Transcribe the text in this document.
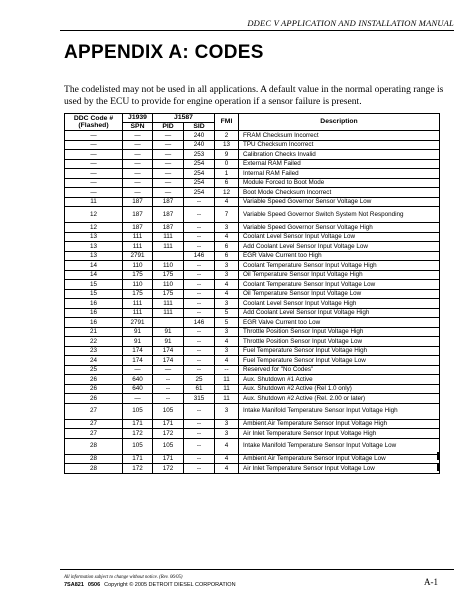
DDEC V APPLICATION AND INSTALLATION MANUAL
APPENDIX A: CODES

The codelisted may not be used in all applications. A default value in the normal operating range is used by the ECU to provide for engine operation if a sensor failure is present.

DDC Code #
(Flashed)	J1939	J1587		FMI	Description
	SPN	PID	SID		
—	—	—	240	2	FRAM Checksum Incorrect
—	—	—	240	13	TPU Checksum Incorrect
—	—	—	253	9	Calibration Checks Invalid
—	—	—	254	0	External RAM Failed
—	—	—	254	1	Internal RAM Failed
—	—	—	254	6	Module Forced to Boot Mode
—	—	—	254	12	Boot Mode Checksum Incorrect
11	187	187	--	4	Variable Speed Governor Sensor Voltage Low
12	187	187	--	7	Variable Speed Governor Switch System Not Responding
12	187	187	--	3	Variable Speed Governor Sensor Voltage High
13	111	111	--	4	Coolant Level Sensor Input Voltage Low
13	111	111	--	6	Add Coolant Level Sensor Input Voltage Low
13	2791		146	6	EGR Valve Current too High
14	110	110	--	3	Coolant Temperature Sensor Input Voltage High
14	175	175	--	3	Oil Temperature Sensor Input Voltage High
15	110	110	--	4	Coolant Temperature Sensor Input Voltage Low
15	175	175	--	4	Oil Temperature Sensor Input Voltage Low
16	111	111	--	3	Coolant Level Sensor Input Voltage High
16	111	111	--	5	Add Coolant Level Sensor Input Voltage High
16	2791		146	5	EGR Valve Current too Low
21	91	91	--	3	Throttle Position Sensor Input Voltage High
22	91	91	--	4	Throttle Position Sensor Input Voltage Low
23	174	174	--	3	Fuel Temperature Sensor Input Voltage High
24	174	174	--	4	Fuel Temperature Sensor Input Voltage Low
25	—	—	--	--	Reserved for "No Codes"
26	640	--	25	11	Aux. Shutdown #1 Active
26	640	--	61	11	Aux. Shutdown #2 Active (Rel 1.0 only)
26	—	--	315	11	Aux. Shutdown #2 Active (Rel. 2.00 or later)
27	105	105	--	3	Intake Manifold Temperature Sensor Input Voltage High
27	171	171	--	3	Ambient Air Temperature Sensor Input Voltage High
27	172	172	--	3	Air Inlet Temperature Sensor Input Voltage High
28	105	105	--	4	Intake Manifold Temperature Sensor Input Voltage Low
28	171	171	--	4	Ambient Air Temperature Sensor Input Voltage Low
28	172	172	--	4	Air Inlet Temperature Sensor Input Voltage Low
All information subject to change without notice. (Rev. 06/05)
7SA821 0506 Copyright © 2005 DETROIT DIESEL CORPORATION	A-1
